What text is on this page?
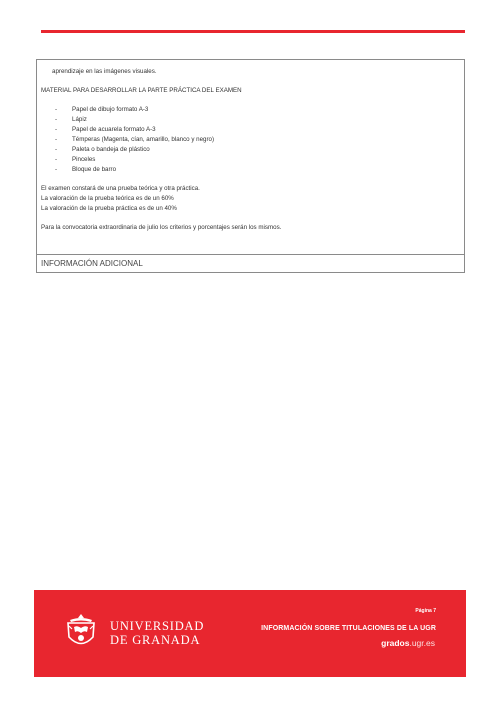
aprendizaje en las imágenes visuales.

MATERIAL PARA DESARROLLAR LA PARTE PRÁCTICA DEL EXAMEN

- Papel de dibujo formato A-3
- Lápiz
- Papel de acuarela formato A-3
- Témperas (Magenta, cían, amarillo, blanco y negro)
- Paleta o bandeja de plástico
- Pinceles
- Bloque de barro

El examen constará de una prueba teórica y otra práctica.

La valoración de la prueba teórica es de un 60%

La valoración de la prueba práctica es de un 40%

Para la convocatoria extraordinaria de julio los criterios y porcentajes serán los mismos.

INFORMACIÓN ADICIONAL
UNIVERSIDAD
DE GRANADA
Página 7
INFORMACIÓN SOBRE TITULACIONES DE LA UGR
grados.ugr.es
